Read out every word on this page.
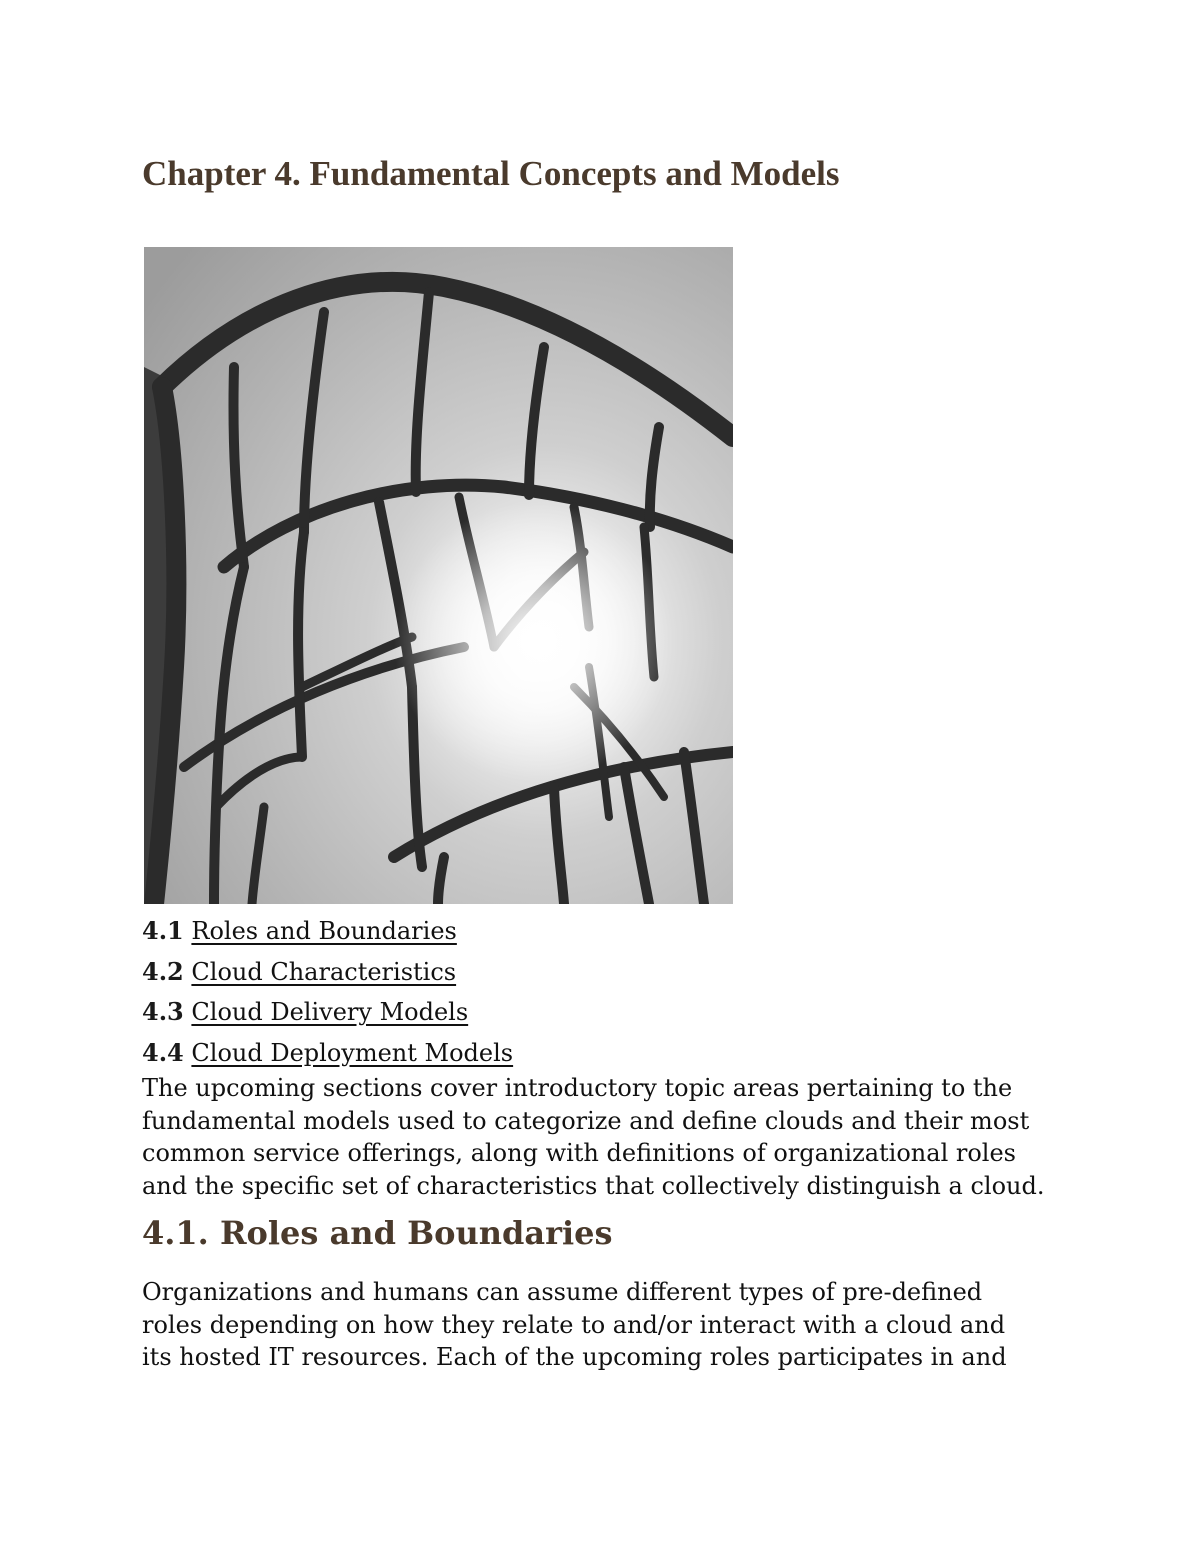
Chapter 4. Fundamental Concepts and Models
4.1 Roles and Boundaries
4.2 Cloud Characteristics
4.3 Cloud Delivery Models
4.4 Cloud Deployment Models

The upcoming sections cover introductory topic areas pertaining to the
fundamental models used to categorize and define clouds and their most
common service offerings, along with definitions of organizational roles
and the specific set of characteristics that collectively distinguish a cloud.

4.1. Roles and Boundaries

Organizations and humans can assume different types of pre-defined
roles depending on how they relate to and/or interact with a cloud and
its hosted IT resources. Each of the upcoming roles participates in and
